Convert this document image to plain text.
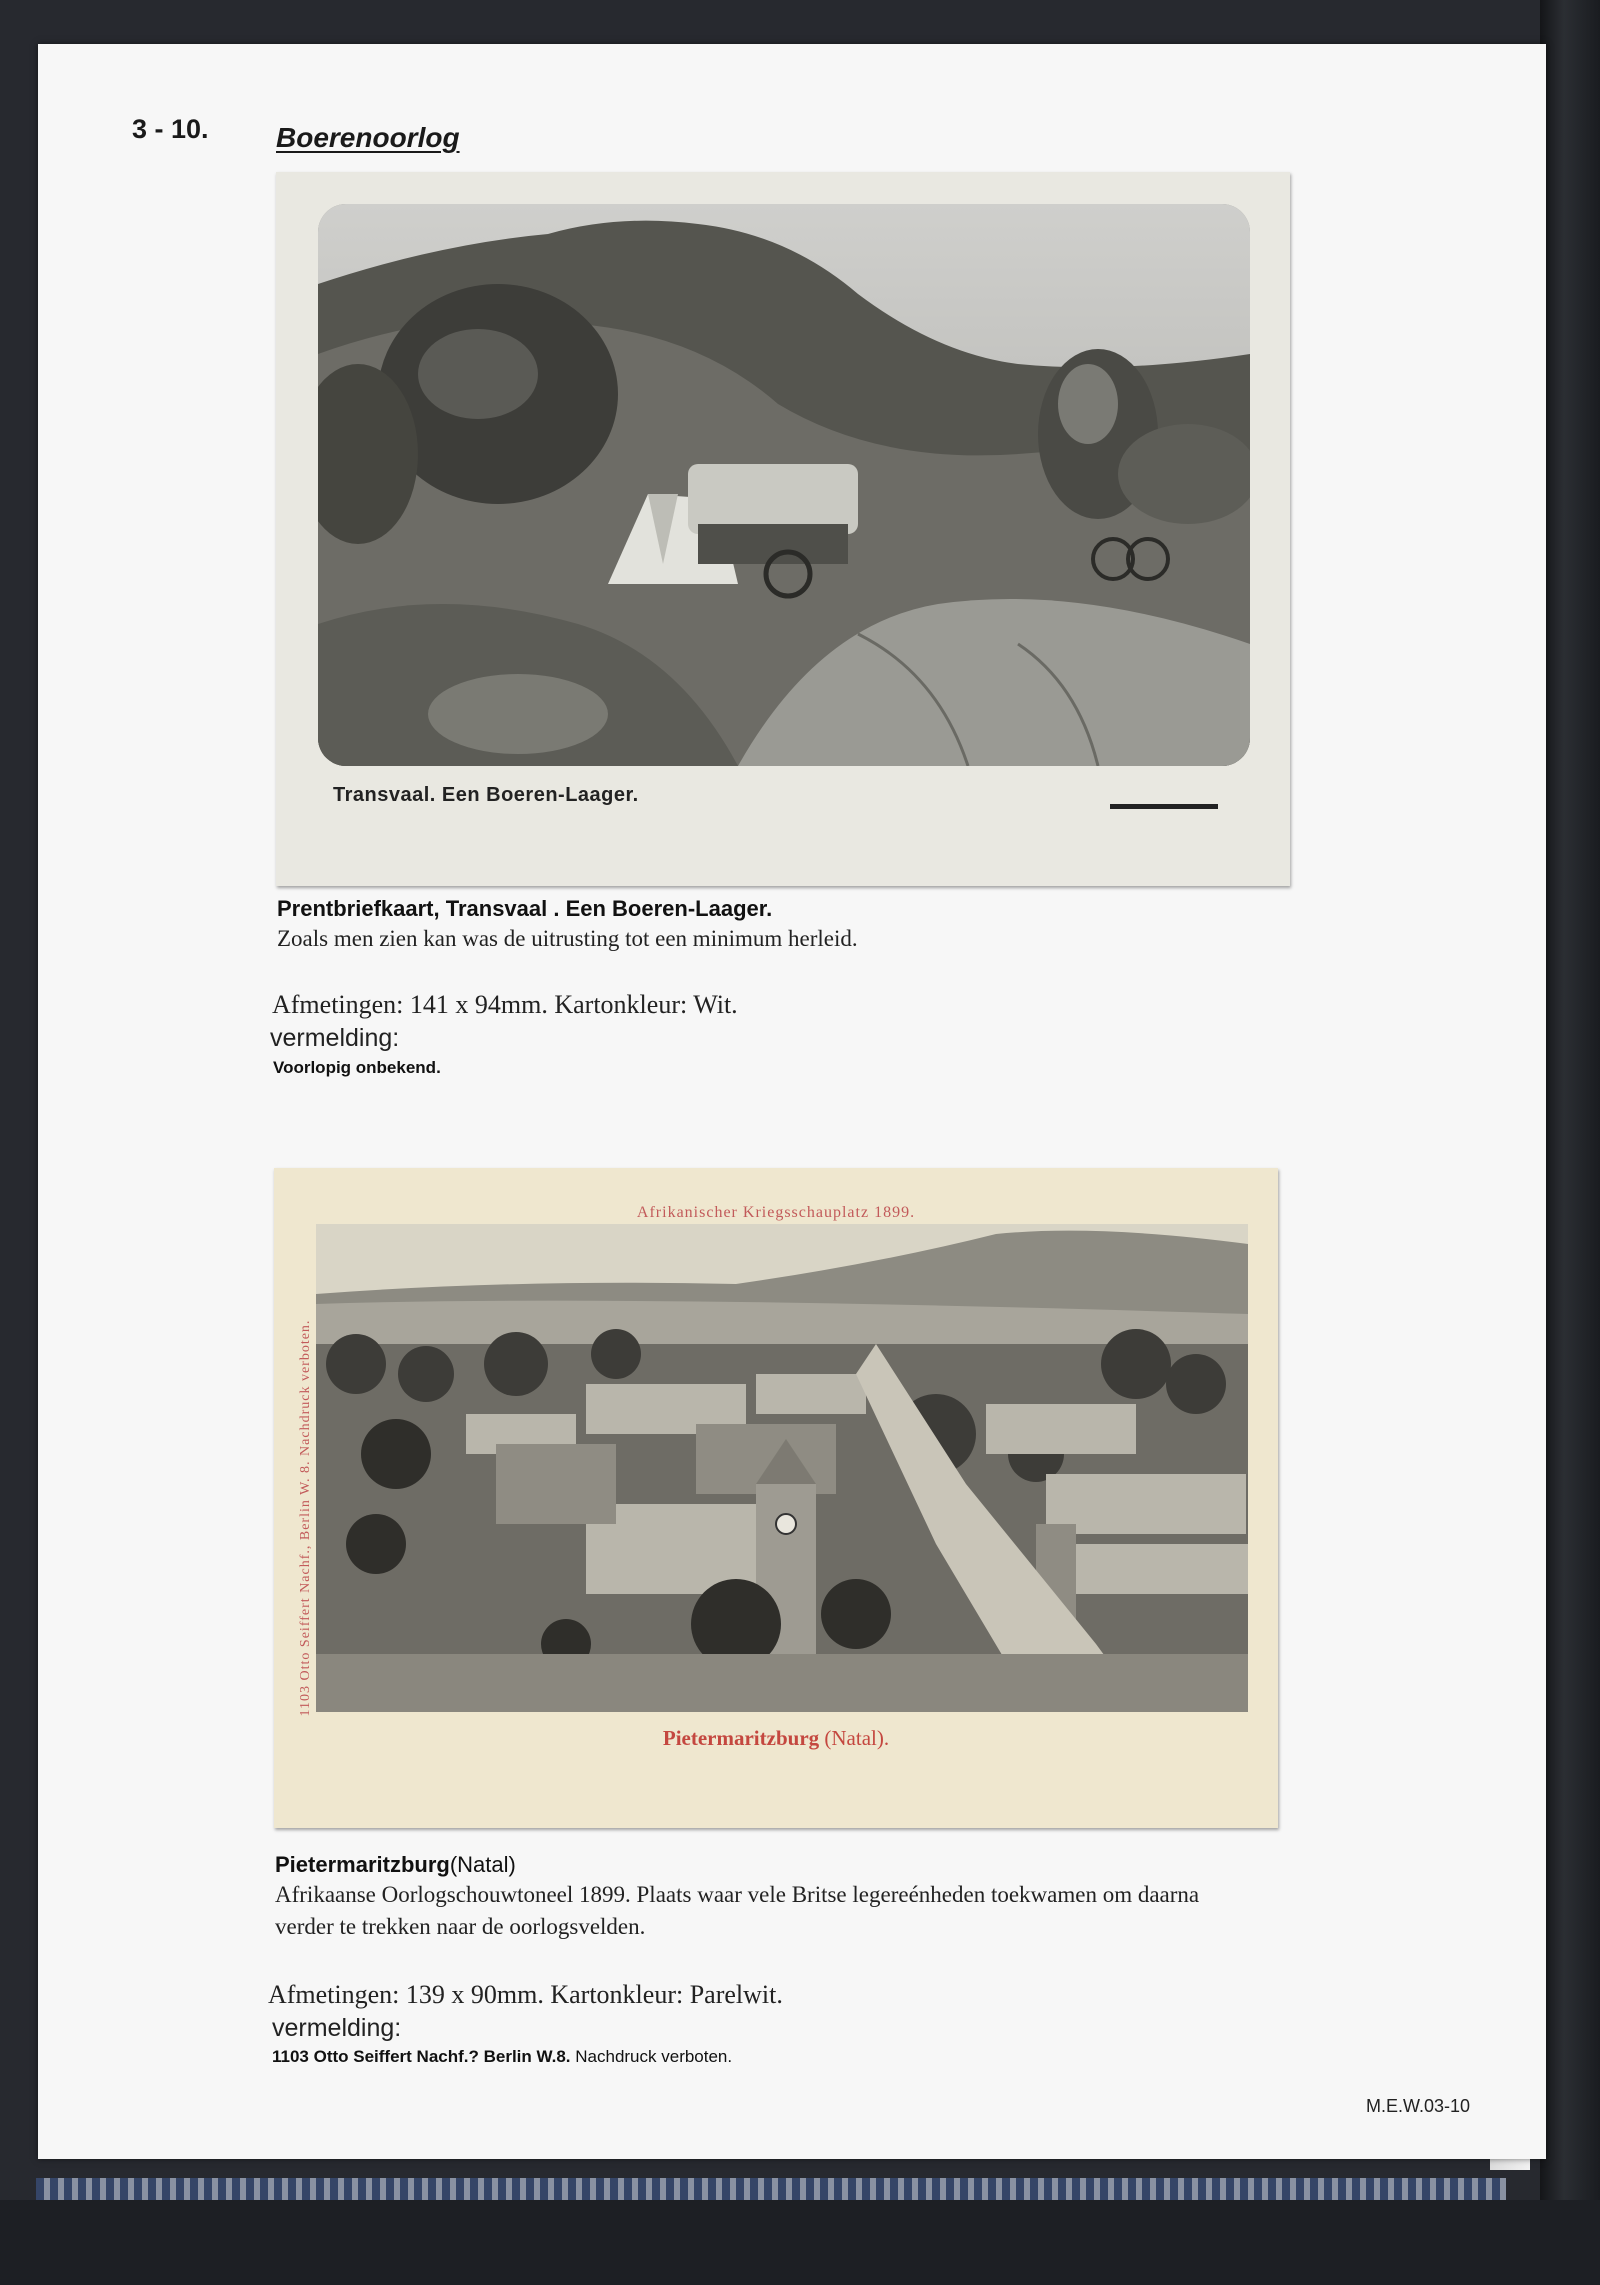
3 - 10. Boerenoorlog
Transvaal. Een Boeren-Laager.
Prentbriefkaart, Transvaal . Een Boeren-Laager.
Zoals men zien kan was de uitrusting tot een minimum herleid.
Afmetingen: 141 x 94mm. Kartonkleur: Wit.
vermelding:
Voorlopig onbekend.
Afrikanischer Kriegsschauplatz 1899.
Pietermaritzburg (Natal).
1103 Otto Seiffert Nachf., Berlin W. 8. Nachdruck verboten.
Pietermaritzburg(Natal)
Afrikaanse Oorlogschouwtoneel 1899. Plaats waar vele Britse legereénheden toekwamen om daarna
verder te trekken naar de oorlogsvelden.
Afmetingen: 139 x 90mm. Kartonkleur: Parelwit.
vermelding:
1103 Otto Seiffert Nachf.? Berlin W.8. Nachdruck verboten.
M.E.W.03-10
